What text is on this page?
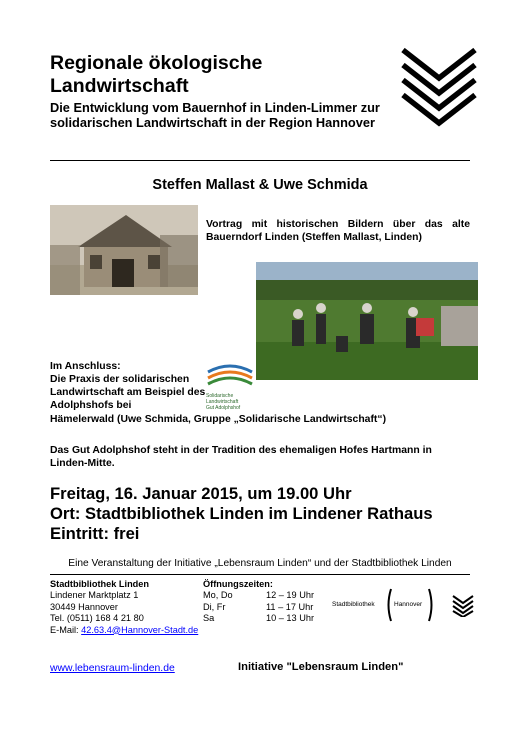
Regionale ökologische
Landwirtschaft
Die Entwicklung vom Bauernhof in Linden-Limmer zur solidarischen Landwirtschaft in der Region Hannover
Steffen Mallast & Uwe Schmida
Vortrag mit historischen Bildern über das alte Bauerndorf Linden (Steffen Mallast, Linden)
Im Anschluss:
Die Praxis der solidarischen Landwirtschaft am Beispiel des Adolphshofs bei
Solidarische
Landwirtschaft
Gut Adolphshof
Hämelerwald (Uwe Schmida, Gruppe „Solidarische Landwirtschaft“)
Das Gut Adolphshof steht in der Tradition des ehemaligen Hofes Hartmann in Linden-Mitte.
Freitag, 16. Januar 2015, um 19.00 Uhr
Ort: Stadtbibliothek Linden im Lindener Rathaus
Eintritt: frei
Eine Veranstaltung der Initiative „Lebensraum Linden“ und der Stadtbibliothek Linden
Stadtbibliothek Linden
Lindener Marktplatz 1
30449 Hannover
Tel. (0511) 168 4 21 80
E-Mail: 42.63.4@Hannover-Stadt.de
Öffnungszeiten:
Mo, Do	12 – 19 Uhr
Di, Fr	11 – 17 Uhr
Sa	10 – 13 Uhr
Stadtbibliothek	Hannover
www.lebensraum-linden.de	Initiative "Lebensraum Linden"
